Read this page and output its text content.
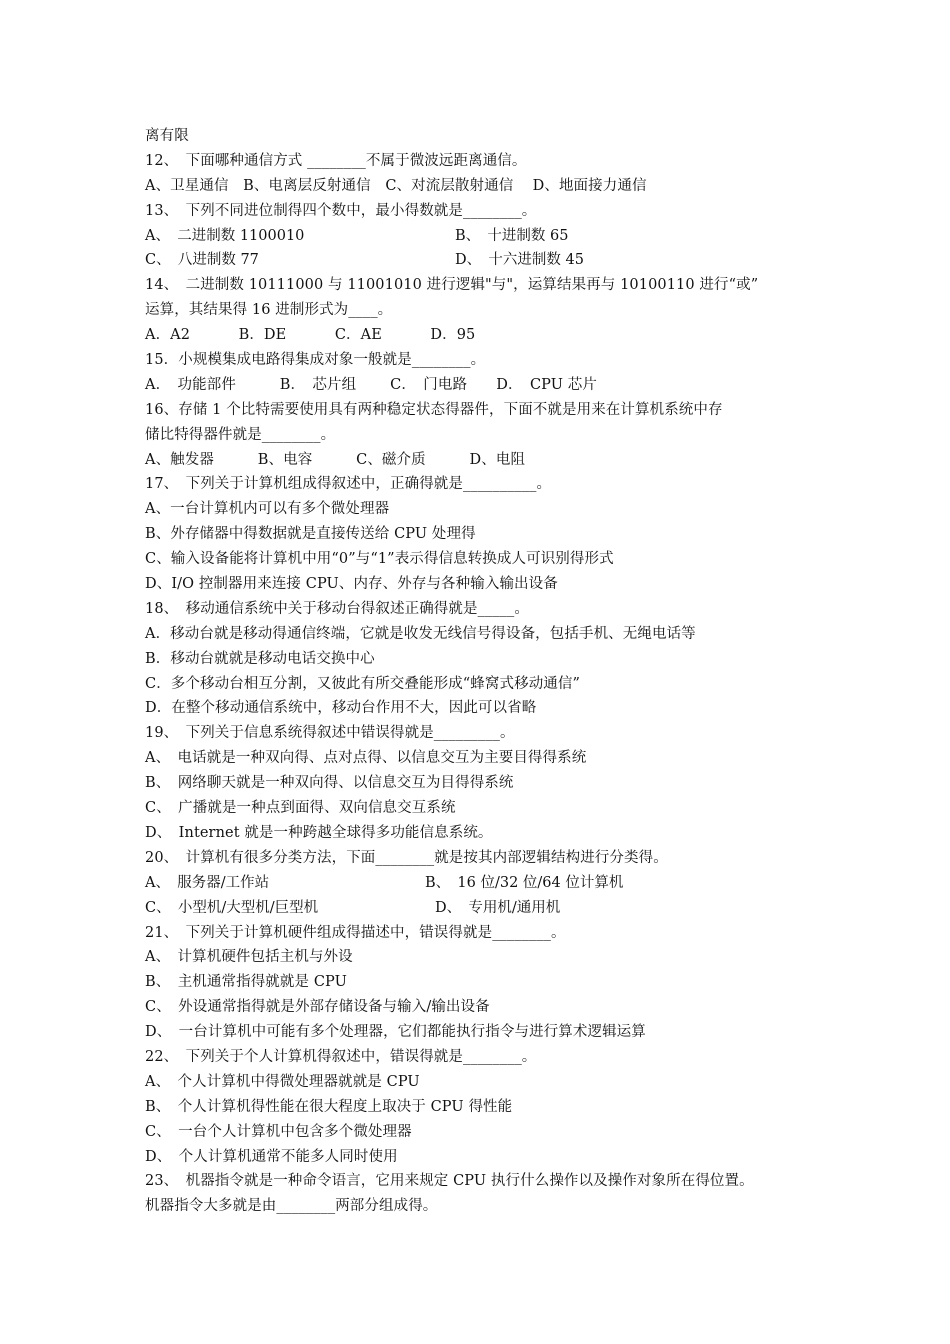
离有限
12、　下面哪种通信方式 ________不属于微波远距离通信。
A、卫星通信　B、电离层反射通信　C、对流层散射通信　 D、地面接力通信
13、　下列不同进位制得四个数中，最小得数就是________。
A、　二进制数 1100010	B、　十进制数 65
C、　八进制数 77	D、　十六进制数 45
14、　二进制数 10111000 与 11001010 进行逻辑"与"，运算结果再与 10100110 进行“或”
运算，其结果得 16 进制形式为____。
A．A2　　　 B．DE　　　 C．AE　　　 D．95
15．小规模集成电路得集成对象一般就是________。
A．　功能部件　　　B．　芯片组　　 C．　门电路　　D．　CPU 芯片
16、存储 1 个比特需要使用具有两种稳定状态得器件，下面不就是用来在计算机系统中存
储比特得器件就是________。
A、触发器　　　B、电容　　　C、磁介质　　　D、电阻
17、　下列关于计算机组成得叙述中，正确得就是__________。
A、一台计算机内可以有多个微处理器
B、外存储器中得数据就是直接传送给 CPU 处理得
C、输入设备能将计算机中用“0”与“1”表示得信息转换成人可识别得形式
D、I/O 控制器用来连接 CPU、内存、外存与各种输入输出设备
18、　移动通信系统中关于移动台得叙述正确得就是_____。
A．移动台就是移动得通信终端，它就是收发无线信号得设备，包括手机、无绳电话等
B．移动台就就是移动电话交换中心
C．多个移动台相互分割，又彼此有所交叠能形成“蜂窝式移动通信”
D．在整个移动通信系统中，移动台作用不大，因此可以省略
19、　下列关于信息系统得叙述中错误得就是_________。
A、　电话就是一种双向得、点对点得、以信息交互为主要目得得系统
B、　网络聊天就是一种双向得、以信息交互为目得得系统
C、　广播就是一种点到面得、双向信息交互系统
D、　Internet 就是一种跨越全球得多功能信息系统。
20、　计算机有很多分类方法，下面________就是按其内部逻辑结构进行分类得。
A、　服务器/工作站	B、　16 位/32 位/64 位计算机
C、　小型机/大型机/巨型机	D、　专用机/通用机
21、　下列关于计算机硬件组成得描述中，错误得就是________。
A、　计算机硬件包括主机与外设
B、　主机通常指得就就是 CPU
C、　外设通常指得就是外部存储设备与输入/输出设备
D、　一台计算机中可能有多个处理器，它们都能执行指令与进行算术逻辑运算
22、　下列关于个人计算机得叙述中，错误得就是________。
A、　个人计算机中得微处理器就就是 CPU
B、　个人计算机得性能在很大程度上取决于 CPU 得性能
C、　一台个人计算机中包含多个微处理器
D、　个人计算机通常不能多人同时使用
23、　机器指令就是一种命令语言，它用来规定 CPU 执行什么操作以及操作对象所在得位置。
机器指令大多就是由________两部分组成得。
